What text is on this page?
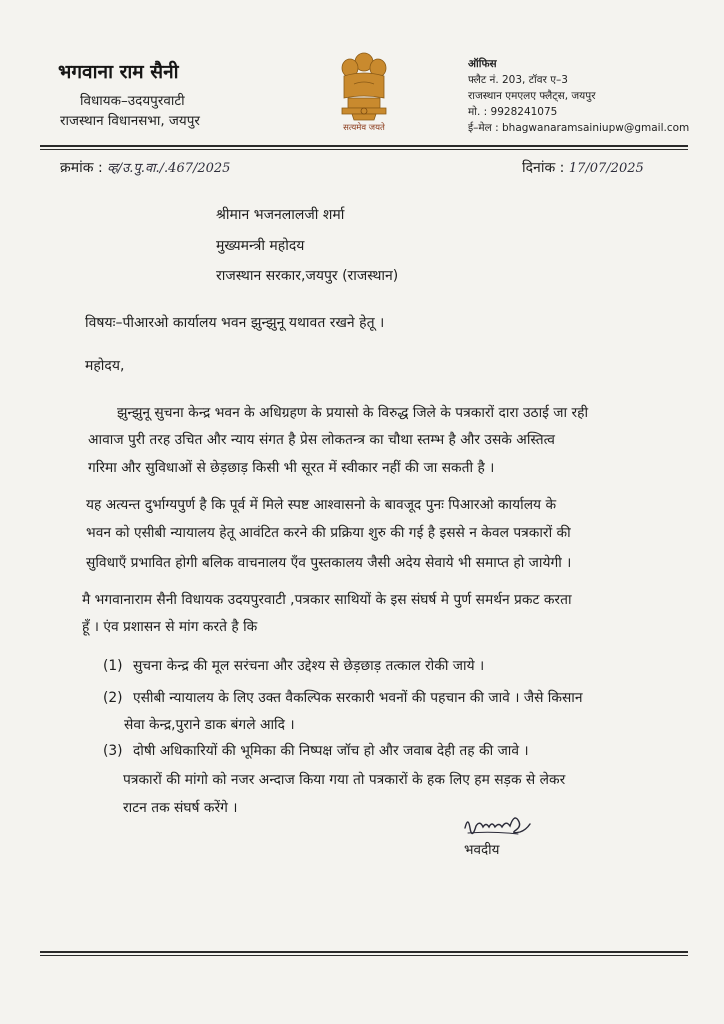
भगवाना राम सैनी
विधायक–उदयपुरवाटी
राजस्थान विधानसभा, जयपुर	सत्यमेव जयते
ऑफिस
फ्लैट नं. 203, टॉवर ए–3
राजस्थान एमएलए फ्लैट्स, जयपुर
मो. : 9928241075
ई–मेल : bhagwanaramsainiupw@gmail.com
क्रमांक : व्ह/उ.पु.वा./.467/2025	दिनांक : 17/07/2025
श्रीमान भजनलालजी शर्मा
मुख्यमन्त्री महोदय
राजस्थान सरकार,जयपुर (राजस्थान)
विषयः–पीआरओ कार्यालय भवन झुन्झुनू यथावत रखने हेतू ।
महोदय,
झुन्झुनू सुचना केन्द्र भवन के अधिग्रहण के प्रयासो के विरुद्ध जिले के पत्रकारों दारा उठाई जा रही
आवाज पुरी तरह उचित और न्याय संगत है प्रेस लोकतन्त्र का चौथा स्तम्भ है और उसके अस्तित्व
गरिमा और सुविधाओं से छेड़छाड़ किसी भी सूरत में स्वीकार नहीं की जा सकती है ।
यह अत्यन्त दुर्भाग्यपुर्ण है कि पूर्व में मिले स्पष्ट आश्वासनो के बावजूद पुनः पिआरओ कार्यालय के
भवन को एसीबी न्यायालय हेतू आवंटित करने की प्रक्रिया शुरु की गई है इससे न केवल पत्रकारों की
सुविधाएँ प्रभावित होगी बलिक वाचनालय एँव पुस्तकालय जैसी अदेय सेवाये भी समाप्त हो जायेगी ।
मै भगवानाराम सैनी विधायक उदयपुरवाटी ,पत्रकार साथियों के इस संघर्ष मे पुर्ण समर्थन प्रकट करता
हूँ । एंव प्रशासन से मांग करते है कि
(1) सुचना केन्द्र की मूल सरंचना और उद्देश्य से छेड़छाड़ तत्काल रोकी जाये ।
(2) एसीबी न्यायालय के लिए उक्त वैकल्पिक सरकारी भवनों की पहचान की जावे । जैसे किसान
सेवा केन्द्र,पुराने डाक बंगले आदि ।
(3) दोषी अधिकारियों की भूमिका की निष्पक्ष जॉच हो और जवाब देही तह की जावे ।
पत्रकारों की मांगो को नजर अन्दाज किया गया तो पत्रकारों के हक लिए हम सड़क से लेकर
राटन तक संघर्ष करेंगे ।
भवदीय
